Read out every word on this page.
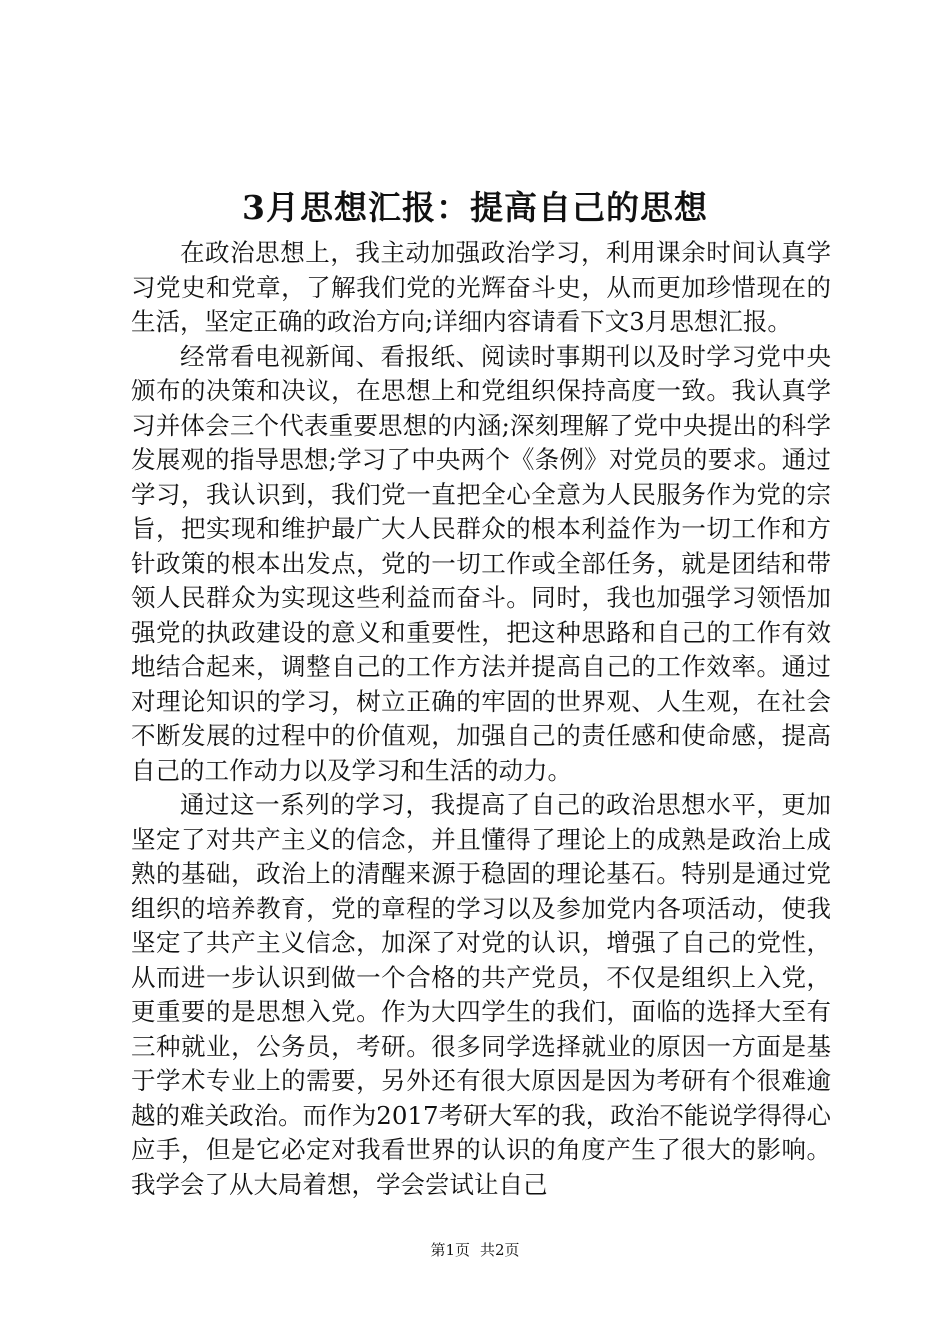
3月思想汇报：提高自己的思想

在政治思想上，我主动加强政治学习，利用课余时间认真学习党史和党章，了解我们党的光辉奋斗史，从而更加珍惜现在的生活，坚定正确的政治方向;详细内容请看下文3月思想汇报。

经常看电视新闻、看报纸、阅读时事期刊以及时学习党中央颁布的决策和决议，在思想上和党组织保持高度一致。我认真学习并体会三个代表重要思想的内涵;深刻理解了党中央提出的科学发展观的指导思想;学习了中央两个《条例》对党员的要求。通过学习，我认识到，我们党一直把全心全意为人民服务作为党的宗旨，把实现和维护最广大人民群众的根本利益作为一切工作和方针政策的根本出发点，党的一切工作或全部任务，就是团结和带领人民群众为实现这些利益而奋斗。同时，我也加强学习领悟加强党的执政建设的意义和重要性，把这种思路和自己的工作有效地结合起来，调整自己的工作方法并提高自己的工作效率。通过对理论知识的学习，树立正确的牢固的世界观、人生观，在社会不断发展的过程中的价值观，加强自己的责任感和使命感，提高自己的工作动力以及学习和生活的动力。

通过这一系列的学习，我提高了自己的政治思想水平，更加坚定了对共产主义的信念，并且懂得了理论上的成熟是政治上成熟的基础，政治上的清醒来源于稳固的理论基石。特别是通过党组织的培养教育，党的章程的学习以及参加党内各项活动，使我坚定了共产主义信念，加深了对党的认识，增强了自己的党性，从而进一步认识到做一个合格的共产党员，不仅是组织上入党，更重要的是思想入党。作为大四学生的我们，面临的选择大至有三种就业，公务员，考研。很多同学选择就业的原因一方面是基于学术专业上的需要，另外还有很大原因是因为考研有个很难逾越的难关政治。而作为2017考研大军的我，政治不能说学得得心应手，但是它必定对我看世界的认识的角度产生了很大的影响。我学会了从大局着想，学会尝试让自己

第1页 共2页
